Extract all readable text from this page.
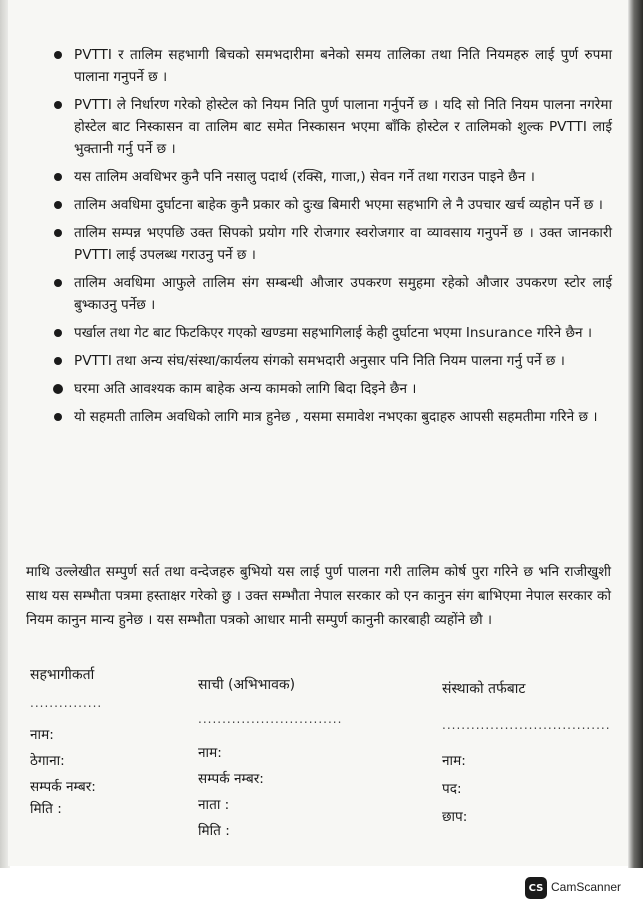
PVTTI र तालिम सहभागी बिचको समभदारीमा बनेको समय तालिका तथा निति नियमहरु लाई पुर्ण रुपमा पालाना गनुपर्ने छ ।
PVTTI ले निर्धारण गरेको होस्टेल को नियम निति पुर्ण पालाना गर्नुपर्ने छ । यदि सो निति नियम पालना नगरेमा होस्टेल बाट निस्कासन वा तालिम बाट समेत निस्कासन भएमा बाँकि होस्टेल र तालिमको शुल्क PVTTI लाई भुक्तानी गर्नु पर्ने छ ।
यस तालिम अवधिभर कुनै पनि नसालु पदार्थ (रक्सि, गाजा,) सेवन गर्ने तथा गराउन पाइने छैन ।
तालिम अवधिमा दुर्घाटना बाहेक कुनै प्रकार को दुःख बिमारी भएमा सहभागि ले नै उपचार खर्च व्यहोन पर्ने छ ।
तालिम सम्पन्न भएपछि उक्त सिपको प्रयोग गरि रोजगार स्वरोजगार वा व्यावसाय गनुपर्ने छ । उक्त जानकारी PVTTI लाई उपलब्ध गराउनु पर्ने छ ।
तालिम अवधिमा आफुले तालिम संग सम्बन्धी औजार उपकरण समुहमा रहेको औजार उपकरण स्टोर लाई बुभ्काउनु पर्नेछ ।
पर्खाल तथा गेट बाट फिटकिएर गएको खण्डमा सहभागिलाई केही दुर्घाटना भएमा Insurance गरिने छैन ।
PVTTI तथा अन्य संघ/संस्था/कार्यलय संगको समभदारी अनुसार पनि निति नियम पालना गर्नु पर्ने छ ।
घरमा अति आवश्यक काम बाहेक अन्य कामको लागि बिदा दिइने छैन ।
यो सहमती तालिम अवधिको लागि मात्र हुनेछ , यसमा समावेश नभएका बुदाहरु आपसी सहमतीमा गरिने छ ।

माथि उल्लेखीत सम्पुर्ण सर्त तथा वन्देजहरु बुभियो यस लाई पुर्ण पालना गरी तालिम कोर्ष पुरा गरिने छ भनि राजीखुशी साथ यस सम्भौता पत्रमा हस्ताक्षर गरेको छु । उक्त सम्भौता नेपाल सरकार को एन कानुन संग बाभिएमा नेपाल सरकार को नियम कानुन मान्य हुनेछ । यस सम्भौता पत्रको आधार मानी सम्पुर्ण कानुनी कारबाही व्यहोंने छौ ।

सहभागीकर्ता
...............
नाम:
ठेगाना:
सम्पर्क नम्बर:
मिति :
साची (अभिभावक)
..............................
नाम:
सम्पर्क नम्बर:
नाता :
मिति :
संस्थाको तर्फबाट
...................................
नाम:
पद:
छाप:
CS CamScanner
